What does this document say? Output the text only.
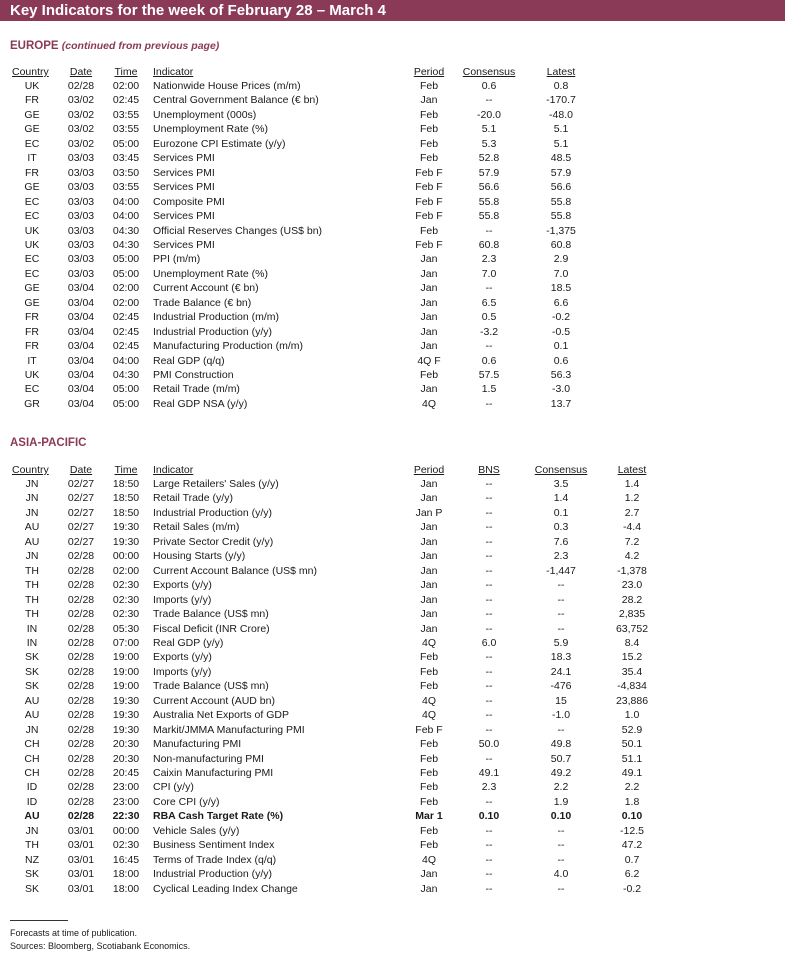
Key Indicators for the week of February 28 – March 4
EUROPE (continued from previous page)
Country	Date	Time	Indicator	Period	Consensus	Latest
UK	02/28	02:00	Nationwide House Prices (m/m)	Feb	0.6	0.8
FR	03/02	02:45	Central Government Balance (€ bn)	Jan	--	-170.7
GE	03/02	03:55	Unemployment (000s)	Feb	-20.0	-48.0
GE	03/02	03:55	Unemployment Rate (%)	Feb	5.1	5.1
EC	03/02	05:00	Eurozone CPI Estimate (y/y)	Feb	5.3	5.1
IT	03/03	03:45	Services PMI	Feb	52.8	48.5
FR	03/03	03:50	Services PMI	Feb F	57.9	57.9
GE	03/03	03:55	Services PMI	Feb F	56.6	56.6
EC	03/03	04:00	Composite PMI	Feb F	55.8	55.8
EC	03/03	04:00	Services PMI	Feb F	55.8	55.8
UK	03/03	04:30	Official Reserves Changes (US$ bn)	Feb	--	-1,375
UK	03/03	04:30	Services PMI	Feb F	60.8	60.8
EC	03/03	05:00	PPI (m/m)	Jan	2.3	2.9
EC	03/03	05:00	Unemployment Rate (%)	Jan	7.0	7.0
GE	03/04	02:00	Current Account (€ bn)	Jan	--	18.5
GE	03/04	02:00	Trade Balance (€ bn)	Jan	6.5	6.6
FR	03/04	02:45	Industrial Production (m/m)	Jan	0.5	-0.2
FR	03/04	02:45	Industrial Production (y/y)	Jan	-3.2	-0.5
FR	03/04	02:45	Manufacturing Production (m/m)	Jan	--	0.1
IT	03/04	04:00	Real GDP (q/q)	4Q F	0.6	0.6
UK	03/04	04:30	PMI Construction	Feb	57.5	56.3
EC	03/04	05:00	Retail Trade (m/m)	Jan	1.5	-3.0
GR	03/04	05:00	Real GDP NSA (y/y)	4Q	--	13.7
ASIA-PACIFIC
Country	Date	Time	Indicator	Period	BNS	Consensus	Latest
JN	02/27	18:50	Large Retailers' Sales (y/y)	Jan	--	3.5	1.4
JN	02/27	18:50	Retail Trade (y/y)	Jan	--	1.4	1.2
JN	02/27	18:50	Industrial Production (y/y)	Jan P	--	0.1	2.7
AU	02/27	19:30	Retail Sales (m/m)	Jan	--	0.3	-4.4
AU	02/27	19:30	Private Sector Credit (y/y)	Jan	--	7.6	7.2
JN	02/28	00:00	Housing Starts (y/y)	Jan	--	2.3	4.2
TH	02/28	02:00	Current Account Balance (US$ mn)	Jan	--	-1,447	-1,378
TH	02/28	02:30	Exports (y/y)	Jan	--	--	23.0
TH	02/28	02:30	Imports (y/y)	Jan	--	--	28.2
TH	02/28	02:30	Trade Balance (US$ mn)	Jan	--	--	2,835
IN	02/28	05:30	Fiscal Deficit (INR Crore)	Jan	--	--	63,752
IN	02/28	07:00	Real GDP (y/y)	4Q	6.0	5.9	8.4
SK	02/28	19:00	Exports (y/y)	Feb	--	18.3	15.2
SK	02/28	19:00	Imports (y/y)	Feb	--	24.1	35.4
SK	02/28	19:00	Trade Balance (US$ mn)	Feb	--	-476	-4,834
AU	02/28	19:30	Current Account (AUD bn)	4Q	--	15	23,886
AU	02/28	19:30	Australia Net Exports of GDP	4Q	--	-1.0	1.0
JN	02/28	19:30	Markit/JMMA Manufacturing PMI	Feb F	--	--	52.9
CH	02/28	20:30	Manufacturing PMI	Feb	50.0	49.8	50.1
CH	02/28	20:30	Non-manufacturing PMI	Feb	--	50.7	51.1
CH	02/28	20:45	Caixin Manufacturing PMI	Feb	49.1	49.2	49.1
ID	02/28	23:00	CPI (y/y)	Feb	2.3	2.2	2.2
ID	02/28	23:00	Core CPI (y/y)	Feb	--	1.9	1.8
AU	02/28	22:30	RBA Cash Target Rate (%)	Mar 1	0.10	0.10	0.10
JN	03/01	00:00	Vehicle Sales (y/y)	Feb	--	--	-12.5
TH	03/01	02:30	Business Sentiment Index	Feb	--	--	47.2
NZ	03/01	16:45	Terms of Trade Index (q/q)	4Q	--	--	0.7
SK	03/01	18:00	Industrial Production (y/y)	Jan	--	4.0	6.2
SK	03/01	18:00	Cyclical Leading Index Change	Jan	--	--	-0.2
Forecasts at time of publication.
Sources: Bloomberg, Scotiabank Economics.
